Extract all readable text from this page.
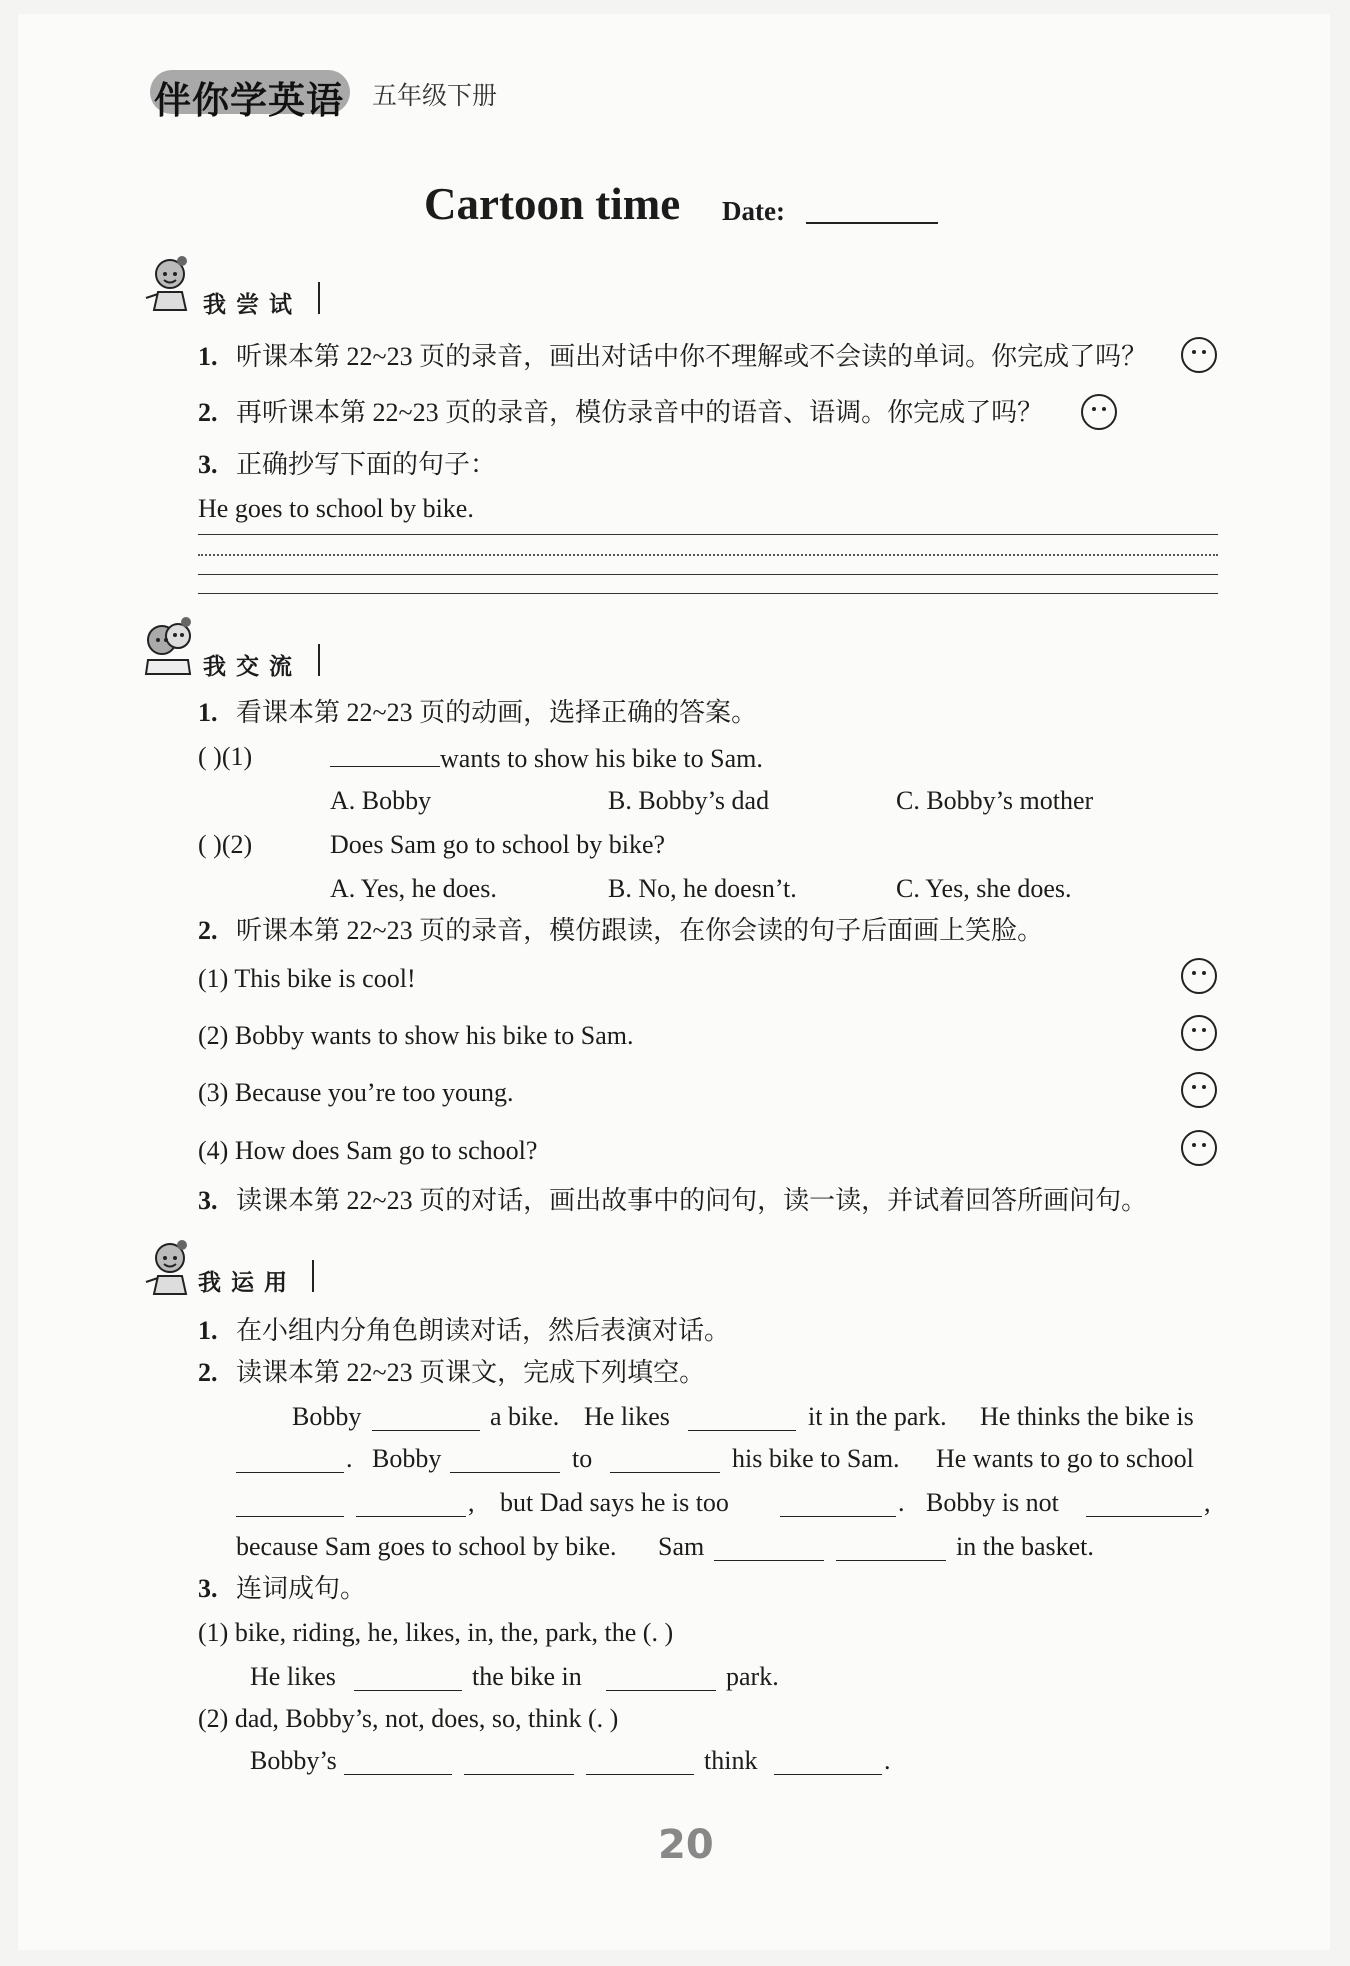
伴你学英语 五年级下册
Cartoon time Date:
我尝试
1. 听课本第 22~23 页的录音，画出对话中你不理解或不会读的单词。你完成了吗？
2. 再听课本第 22~23 页的录音，模仿录音中的语音、语调。你完成了吗？
3. 正确抄写下面的句子：
He goes to school by bike.
我交流
1. 看课本第 22~23 页的动画，选择正确的答案。
( )(1)	wants to show his bike to Sam.
A. Bobby	B. Bobby’s dad	C. Bobby’s mother
( )(2)	Does Sam go to school by bike?
A. Yes, he does.	B. No, he doesn’t.	C. Yes, she does.
2. 听课本第 22~23 页的录音，模仿跟读，在你会读的句子后面画上笑脸。
(1) This bike is cool!
(2) Bobby wants to show his bike to Sam.
(3) Because you’re too young.
(4) How does Sam go to school?
3. 读课本第 22~23 页的对话，画出故事中的问句，读一读，并试着回答所画问句。
我运用
1. 在小组内分角色朗读对话，然后表演对话。
2. 读课本第 22~23 页课文，完成下列填空。
Bobby	a bike. He likes	it in the park. He thinks the bike is
. Bobby	to	his bike to Sam. He wants to go to school
, but Dad says he is too	. Bobby is not	,
because Sam goes to school by bike. Sam	in the basket.
3. 连词成句。
(1) bike, riding, he, likes, in, the, park, the (. )
He likes	the bike in	park.
(2) dad, Bobby’s, not, does, so, think (. )
Bobby’s	think	.
20
